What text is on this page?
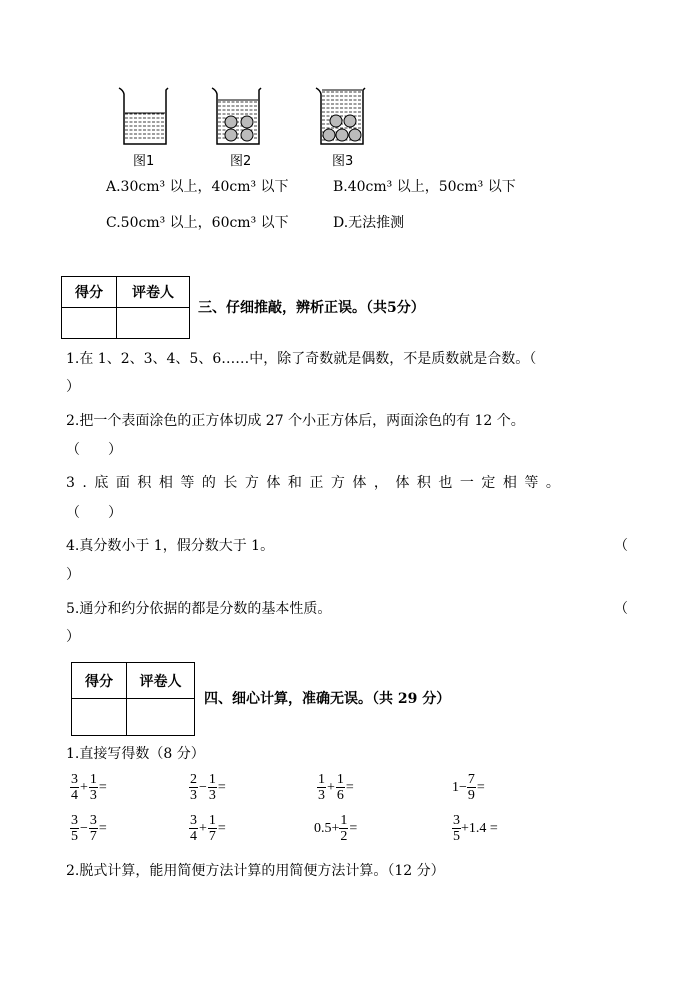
图1	图2	图3
A.30cm³ 以上，40cm³ 以下	B.40cm³ 以上，50cm³ 以下
C.50cm³ 以上，60cm³ 以下	D.无法推测
得分	评卷人

三、仔细推敲，辨析正误。（共5分）
1.在 1、2、3、4、5、6……中，除了奇数就是偶数，不是质数就是合数。（
）
2.把一个表面涂色的正方体切成 27 个小正方体后，两面涂色的有 12 个。
（　　）
3.底面积相等的长方体和正方体，体积也一定相等。
（　　）
4.真分数小于 1，假分数大于 1。	（
）
5.通分和约分依据的都是分数的基本性质。	（
）
得分	评卷人

四、细心计算，准确无误。（共 29 分）
1.直接写得数（8 分）
$\frac{3}{4} + \frac{1}{3}$ =	$\frac{2}{3} - \frac{1}{3}$ =	$\frac{1}{3} + \frac{1}{6}$ =	$1- \frac{7}{9}$ =
$\frac{3}{5} - \frac{3}{7}$ =	$\frac{3}{4} + \frac{1}{7}$ =	$0.5+ \frac{1}{2}$ =	$\frac{3}{5} +1.4$ =
2.脱式计算，能用简便方法计算的用简便方法计算。（12 分）
